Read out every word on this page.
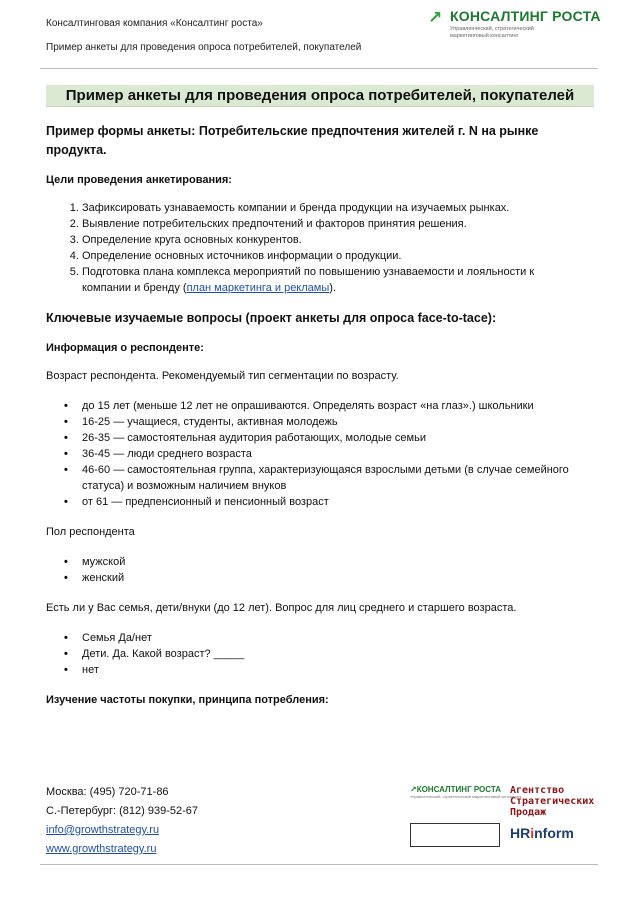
Консалтинговая компания «Консалтинг роста»
Пример анкеты для проведения опроса потребителей, покупателей
↗ КОНСАЛТИНГ РОСТА
Управленческий, стратегический маркетинговый консалтинг
Пример анкеты для проведения опроса потребителей, покупателей
Пример формы анкеты: Потребительские предпочтения жителей г. N на рынке продукта.
Цели проведения анкетирования:
1. Зафиксировать узнаваемость компании и бренда продукции на изучаемых рынках.
2. Выявление потребительских предпочтений и факторов принятия решения.
3. Определение круга основных конкурентов.
4. Определение основных источников информации о продукции.
5. Подготовка плана комплекса мероприятий по повышению узнаваемости и лояльности к компании и бренду (план маркетинга и рекламы).
Ключевые изучаемые вопросы (проект анкеты для опроса face-to-tace):
Информация о респонденте:

Возраст респондента. Рекомендуемый тип сегментации по возрасту.

• до 15 лет (меньше 12 лет не опрашиваются. Определять возраст «на глаз».) школьники
• 16-25 — учащиеся, студенты, активная молодежь
• 26-35 — самостоятельная аудитория работающих, молодые семьи
• 36-45 — люди среднего возраста
• 46-60 — самостоятельная группа, характеризующаяся взрослыми детьми (в случае семейного статуса) и возможным наличием внуков
• от 61 — предпенсионный и пенсионный возраст

Пол респондента

• мужской
• женский

Есть ли у Вас семья, дети/внуки (до 12 лет). Вопрос для лиц среднего и старшего возраста.

• Семья Да/нет
• Дети. Да. Какой возраст? _____
• нет
Изучение частоты покупки, принципа потребления:
Москва: (495) 720-71-86
С.-Петербург: (812) 939-52-67
info@growthstrategy.ru
www.growthstrategy.ru
↗КОНСАЛТИНГ РОСТА
Управленческий, стратегический маркетинговый консалтинг
Агентство
Стратегических
Продаж
HRinform
